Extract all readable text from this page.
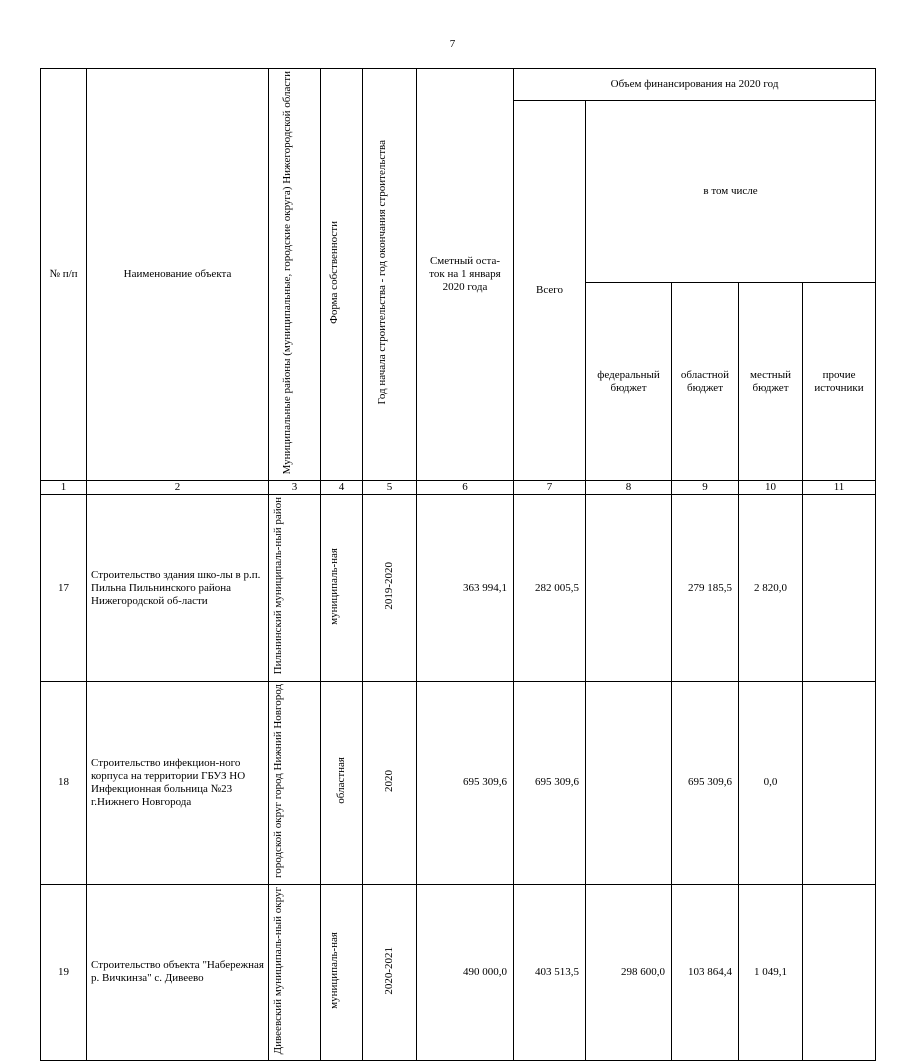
7
№ п/п	Наименование объекта	Муниципальные районы (муниципальные, городские округа) Нижегородской области	Форма собственности	Год начала строительства - год окончания строительства	Сметный оста-ток на 1 января 2020 года	Объем финансирования на 2020 год				
						Всего	в том числе			
							федеральный бюджет	областной бюджет	местный бюджет	прочие источники
1	2	3	4	5	6	7	8	9	10	11
17	Строительство здания шко-лы в р.п. Пильна Пильнинского района Нижегородской об-ласти	Пильнинский муниципаль-ный район	муниципаль-ная	2019-2020	363 994,1	282 005,5		279 185,5	2 820,0	
18	Строительство инфекцион-ного корпуса на территории ГБУЗ НО Инфекционная больница №23 г.Нижнего Новгорода	городской округ город Нижний Новгород	областная	2020	695 309,6	695 309,6		695 309,6	0,0	
19	Строительство объекта "Набережная р. Вичкинза" с. Дивеево	Дивеевский муниципаль-ный округ	муниципаль-ная	2020-2021	490 000,0	403 513,5	298 600,0	103 864,4	1 049,1	
